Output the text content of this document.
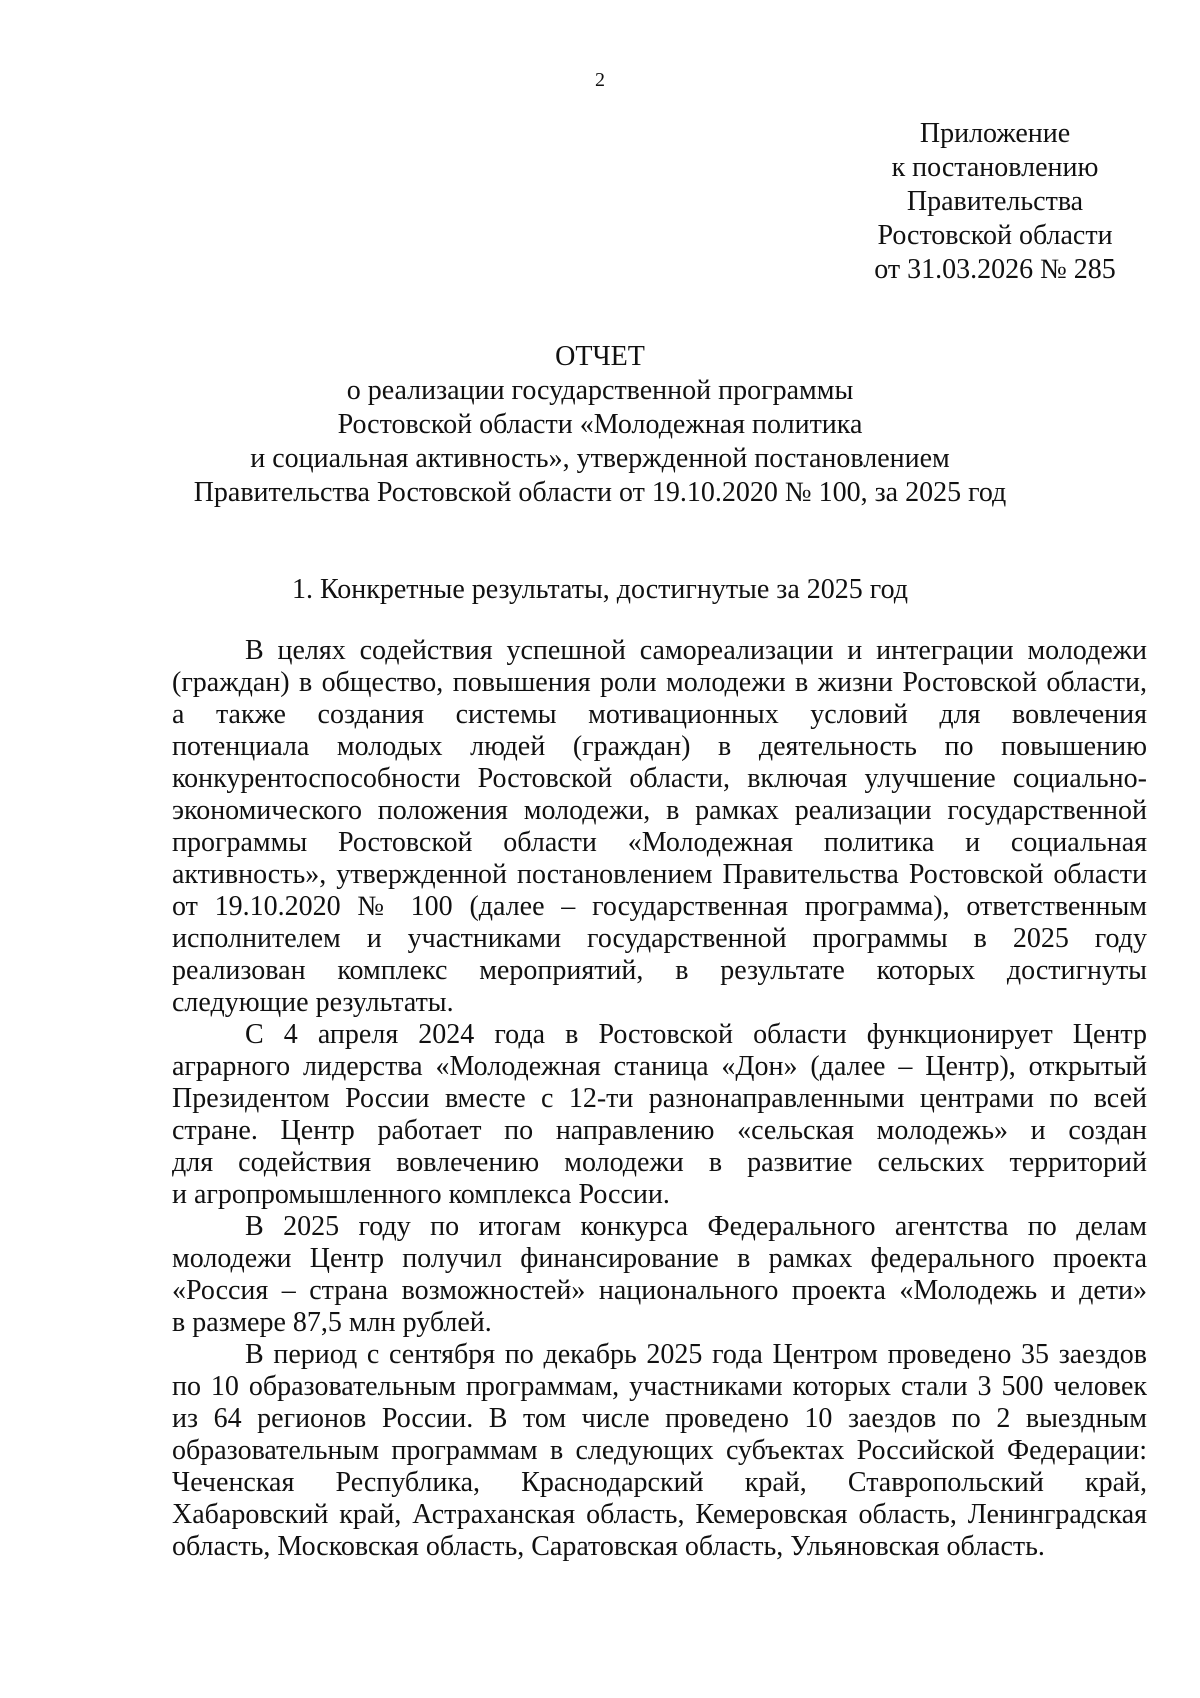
2
Приложение
к постановлению
Правительства
Ростовской области
от 31.03.2026 № 285
ОТЧЕТ
о реализации государственной программы
Ростовской области «Молодежная политика
и социальная активность», утвержденной постановлением
Правительства Ростовской области от 19.10.2020 № 100, за 2025 год
1. Конкретные результаты, достигнутые за 2025 год
В целях содействия успешной самореализации и интеграции молодежи
(граждан) в общество, повышения роли молодежи в жизни Ростовской области,
а также создания системы мотивационных условий для вовлечения
потенциала молодых людей (граждан) в деятельность по повышению
конкурентоспособности Ростовской области, включая улучшение социально-
экономического положения молодежи, в рамках реализации государственной
программы Ростовской области «Молодежная политика и социальная
активность», утвержденной постановлением Правительства Ростовской области
от 19.10.2020 № 100 (далее – государственная программа), ответственным
исполнителем и участниками государственной программы в 2025 году
реализован комплекс мероприятий, в результате которых достигнуты
следующие результаты.
С 4 апреля 2024 года в Ростовской области функционирует Центр
аграрного лидерства «Молодежная станица «Дон» (далее – Центр), открытый
Президентом России вместе с 12-ти разнонаправленными центрами по всей
стране. Центр работает по направлению «сельская молодежь» и создан
для содействия вовлечению молодежи в развитие сельских территорий
и агропромышленного комплекса России.
В 2025 году по итогам конкурса Федерального агентства по делам
молодежи Центр получил финансирование в рамках федерального проекта
«Россия – страна возможностей» национального проекта «Молодежь и дети»
в размере 87,5 млн рублей.
В период с сентября по декабрь 2025 года Центром проведено 35 заездов
по 10 образовательным программам, участниками которых стали 3 500 человек
из 64 регионов России. В том числе проведено 10 заездов по 2 выездным
образовательным программам в следующих субъектах Российской Федерации:
Чеченская Республика, Краснодарский край, Ставропольский край,
Хабаровский край, Астраханская область, Кемеровская область, Ленинградская
область, Московская область, Саратовская область, Ульяновская область.
